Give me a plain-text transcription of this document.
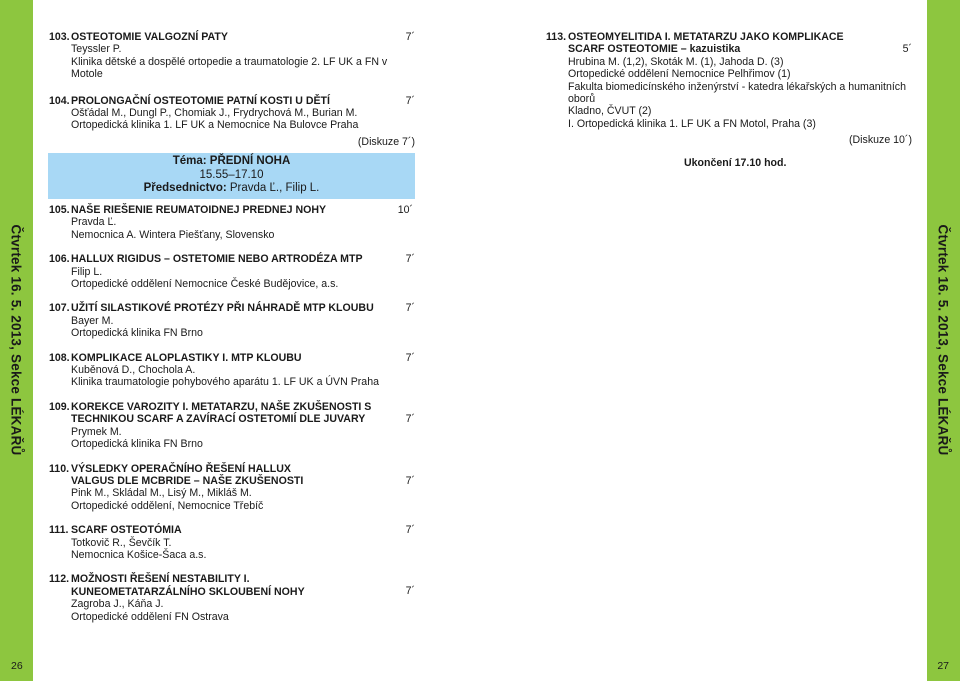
Čtvrtek 16. 5. 2013, Sekce LÉKAŘŮ	Čtvrtek 16. 5. 2013, Sekce LÉKAŘŮ
26	27
103. OSTEOTOMIE VALGOZNÍ PATY	7´
Teyssler P.
Klinika dětské a dospělé ortopedie a traumatologie 2. LF UK a FN v Motole
104. PROLONGAČNÍ OSTEOTOMIE PATNÍ KOSTI U DĚTÍ	7´
Ošťádal M., Dungl P., Chomiak J., Frydrychová M., Burian M.
Ortopedická klinika 1. LF UK a Nemocnice Na Bulovce Praha
(Diskuze 7´)
113. OSTEOMYELITIDA I. METATARZU JAKO KOMPLIKACE SCARF OSTEOTOMIE – kazuistika	5´
Hrubina M. (1,2), Skoták M. (1), Jahoda D. (3)
Ortopedické oddělení Nemocnice Pelhřimov (1)
Fakulta biomedicínského inženýrství - katedra lékařských a humanitních oborů
Kladno, ČVUT (2)
I. Ortopedická klinika 1. LF UK a FN Motol, Praha (3)
(Diskuze 10´)
Téma: PŘEDNÍ NOHA
15.55–17.10
Předsednictvo: Pravda Ľ., Filip L.
Ukončení 17.10 hod.
105. NAŠE RIEŠENIE REUMATOIDNEJ PREDNEJ NOHY	10´
Pravda Ľ.
Nemocnica A. Wintera Piešťany, Slovensko
106. HALLUX RIGIDUS – OSTETOMIE NEBO ARTRODÉZA MTP	7´
Filip L.
Ortopedické oddělení Nemocnice České Budějovice, a.s.
107. UŽITÍ SILASTIKOVÉ PROTÉZY PŘI NÁHRADĚ MTP KLOUBU	7´
Bayer M.
Ortopedická klinika FN Brno
108. KOMPLIKACE ALOPLASTIKY I. MTP KLOUBU	7´
Kuběnová D., Chochola A.
Klinika traumatologie pohybového aparátu 1. LF UK a ÚVN Praha
109. KOREKCE VAROZITY I. METATARZU, NAŠE ZKUŠENOSTI S TECHNIKOU SCARF A ZAVÍRACÍ OSTETOMIÍ DLE JUVARY	7´
Prymek M.
Ortopedická klinika FN Brno
110. VÝSLEDKY OPERAČNÍHO ŘEŠENÍ HALLUX VALGUS DLE MCBRIDE – NAŠE ZKUŠENOSTI	7´
Pink M., Skládal M., Lisý M., Mikláš M.
Ortopedické oddělení, Nemocnice Třebíč
111. SCARF OSTEOTÓMIA	7´
Totkovič R., Ševčík T.
Nemocnica Košice-Šaca a.s.
112. MOŽNOSTI ŘEŠENÍ NESTABILITY I. KUNEOMETATARZÁLNÍHO SKLOUBENÍ NOHY	7´
Zagroba J., Káňa J.
Ortopedické oddělení FN Ostrava
